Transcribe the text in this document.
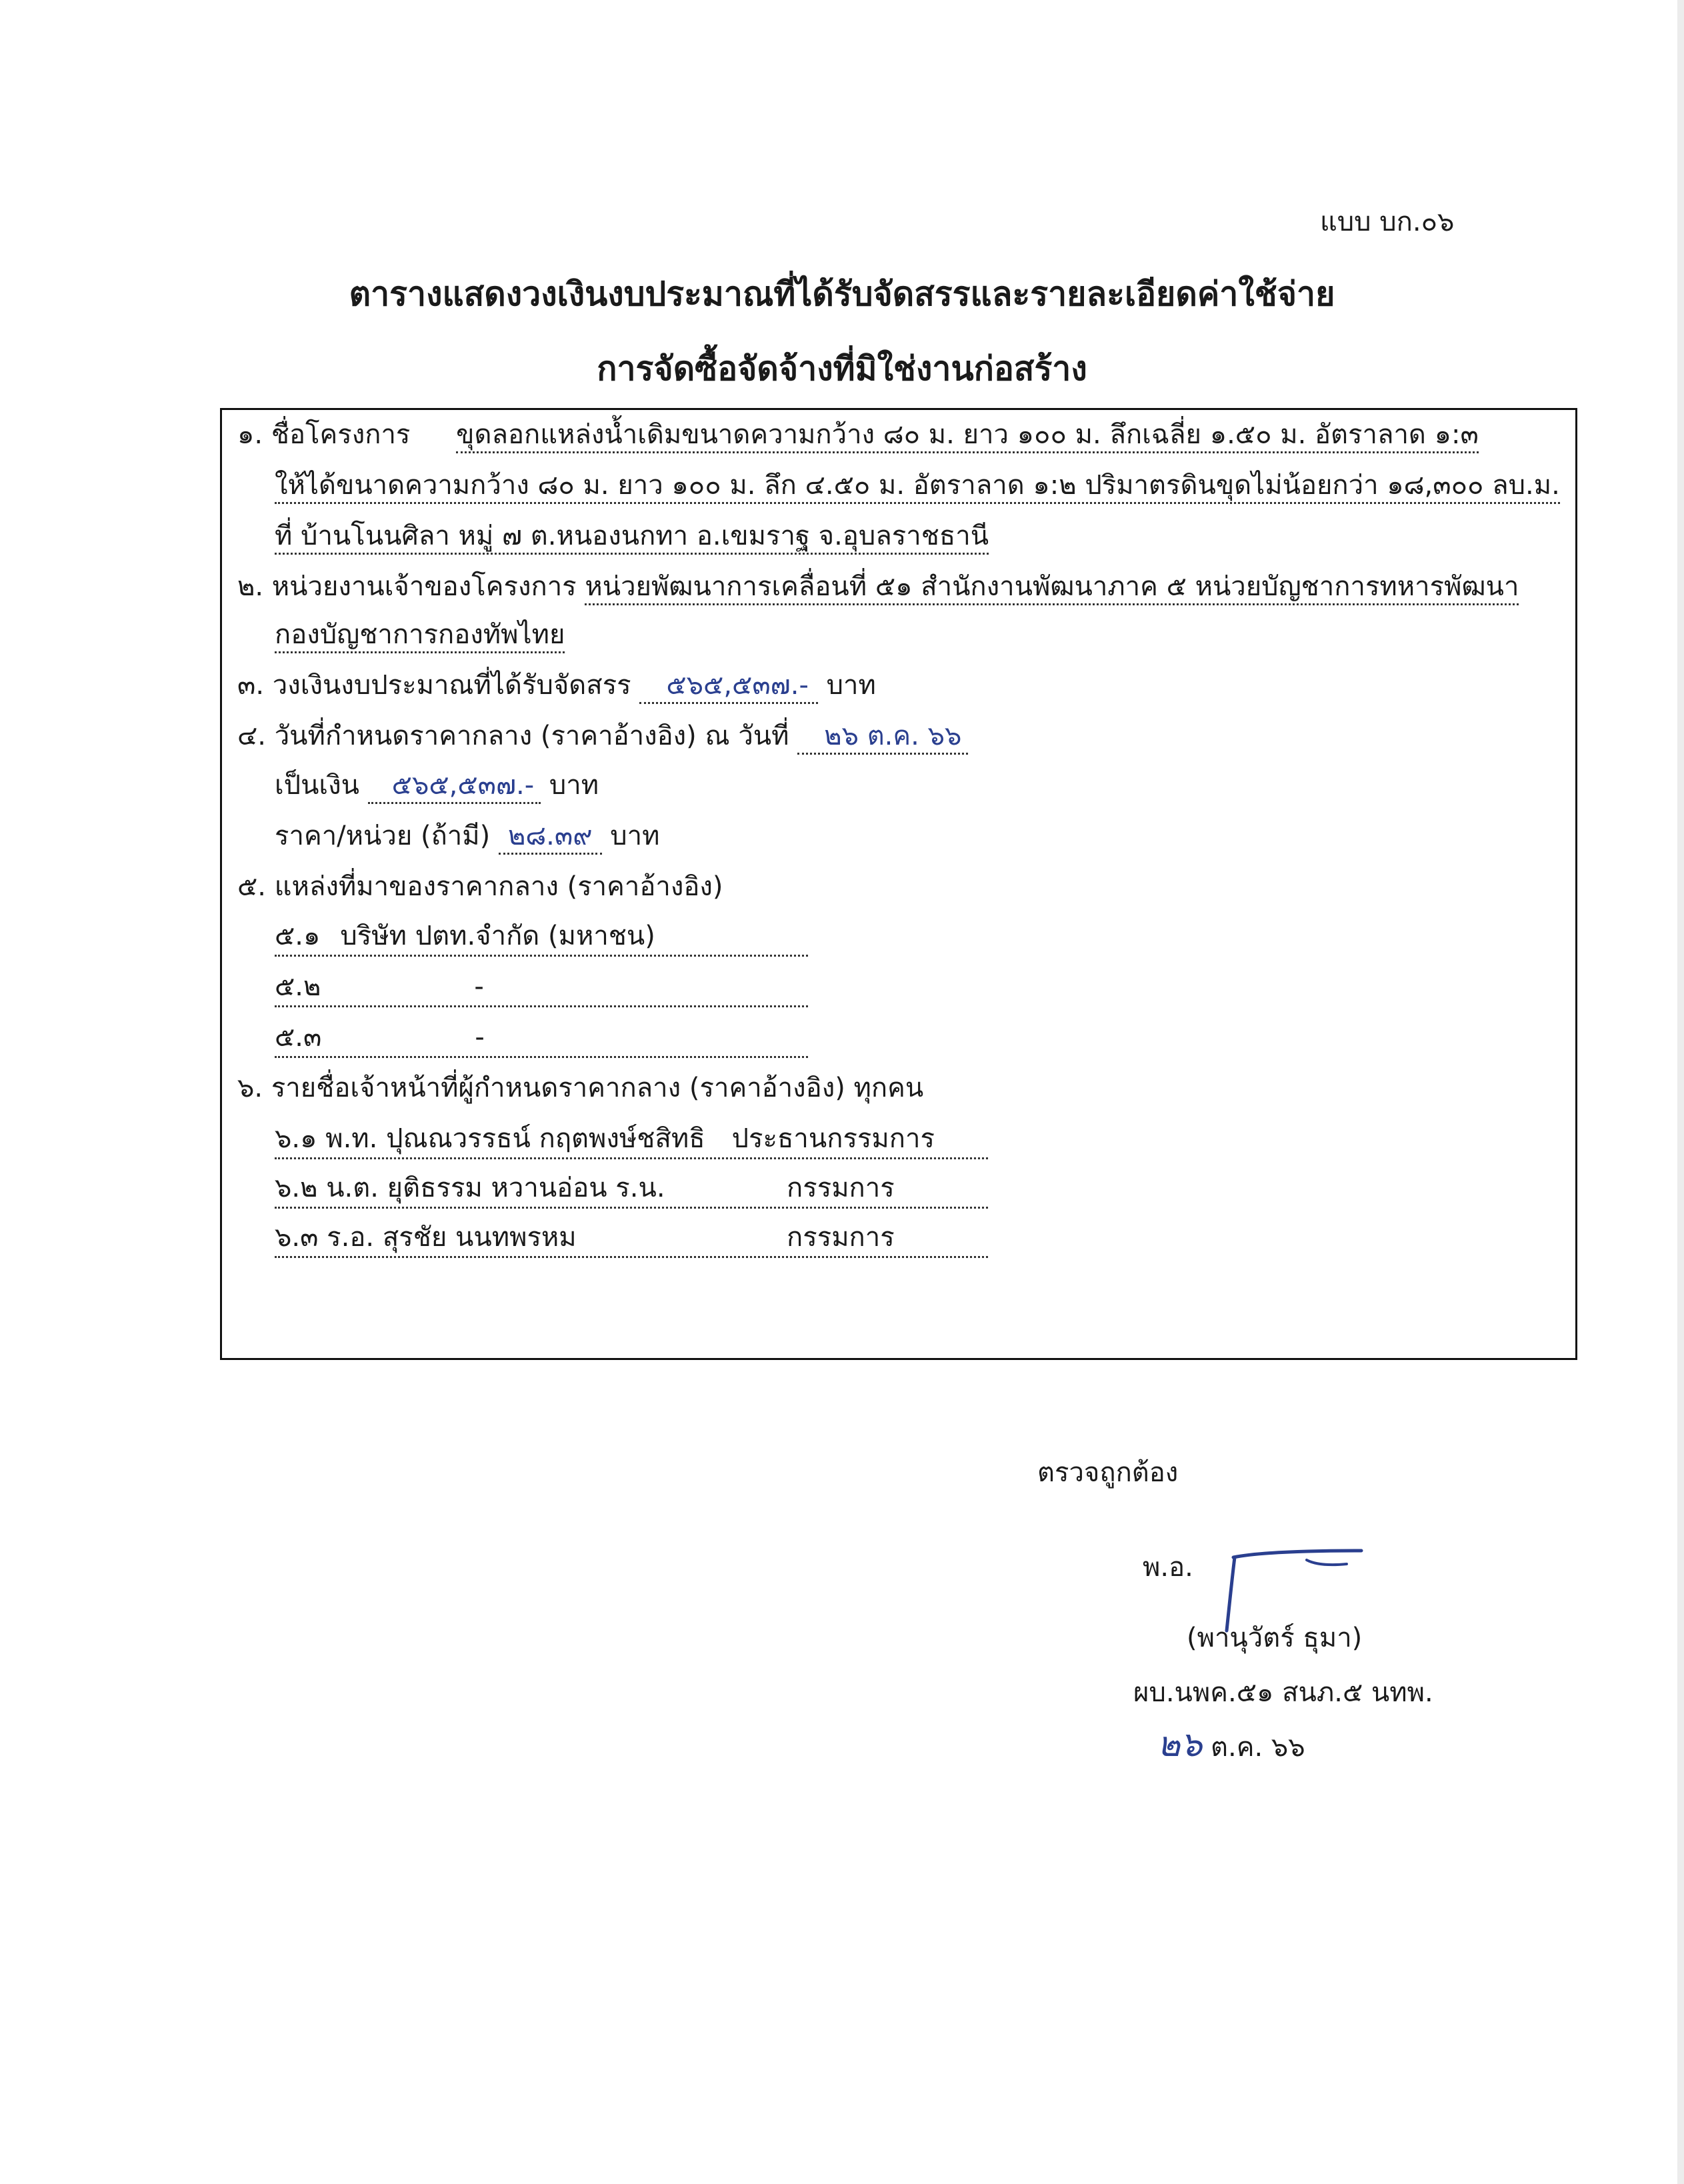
แบบ บก.๐๖
ตารางแสดงวงเงินงบประมาณที่ได้รับจัดสรรและรายละเอียดค่าใช้จ่าย
การจัดซื้อจัดจ้างที่มิใช่งานก่อสร้าง
๑. ชื่อโครงการ ขุดลอกแหล่งน้ำเดิมขนาดความกว้าง ๘๐ ม. ยาว ๑๐๐ ม. ลึกเฉลี่ย ๑.๕๐ ม. อัตราลาด ๑:๓
ให้ได้ขนาดความกว้าง ๘๐ ม. ยาว ๑๐๐ ม. ลึก ๔.๕๐ ม. อัตราลาด ๑:๒ ปริมาตรดินขุดไม่น้อยกว่า ๑๘,๓๐๐ ลบ.ม.
ที่ บ้านโนนศิลา หมู่ ๗ ต.หนองนกทา อ.เขมราฐ จ.อุบลราชธานี
๒. หน่วยงานเจ้าของโครงการ หน่วยพัฒนาการเคลื่อนที่ ๕๑ สำนักงานพัฒนาภาค ๕ หน่วยบัญชาการทหารพัฒนา
กองบัญชาการกองทัพไทย
๓. วงเงินงบประมาณที่ได้รับจัดสรร ๕๖๕,๕๓๗.- บาท
๔. วันที่กำหนดราคากลาง (ราคาอ้างอิง) ณ วันที่ ๒๖ ต.ค. ๖๖
เป็นเงิน ๕๖๕,๕๓๗.- บาท
ราคา/หน่วย (ถ้ามี) ๒๘.๓๙ บาท
๕. แหล่งที่มาของราคากลาง (ราคาอ้างอิง)
๕.๑ บริษัท ปตท.จำกัด (มหาชน)
๕.๒	-
๕.๓	-
๖. รายชื่อเจ้าหน้าที่ผู้กำหนดราคากลาง (ราคาอ้างอิง) ทุกคน
๖.๑ พ.ท. ปุณณวรรธน์ กฤตพงษ์ชสิทธิ ประธานกรรมการ
๖.๒ น.ต. ยุติธรรม หวานอ่อน ร.น.	กรรมการ
๖.๓ ร.อ. สุรชัย นนทพรหม	กรรมการ
ตรวจถูกต้อง
พ.อ.
(พานุวัตร์ ธุมา)
ผบ.นพค.๕๑ สนภ.๕ นทพ.
๒๖ ต.ค. ๖๖
